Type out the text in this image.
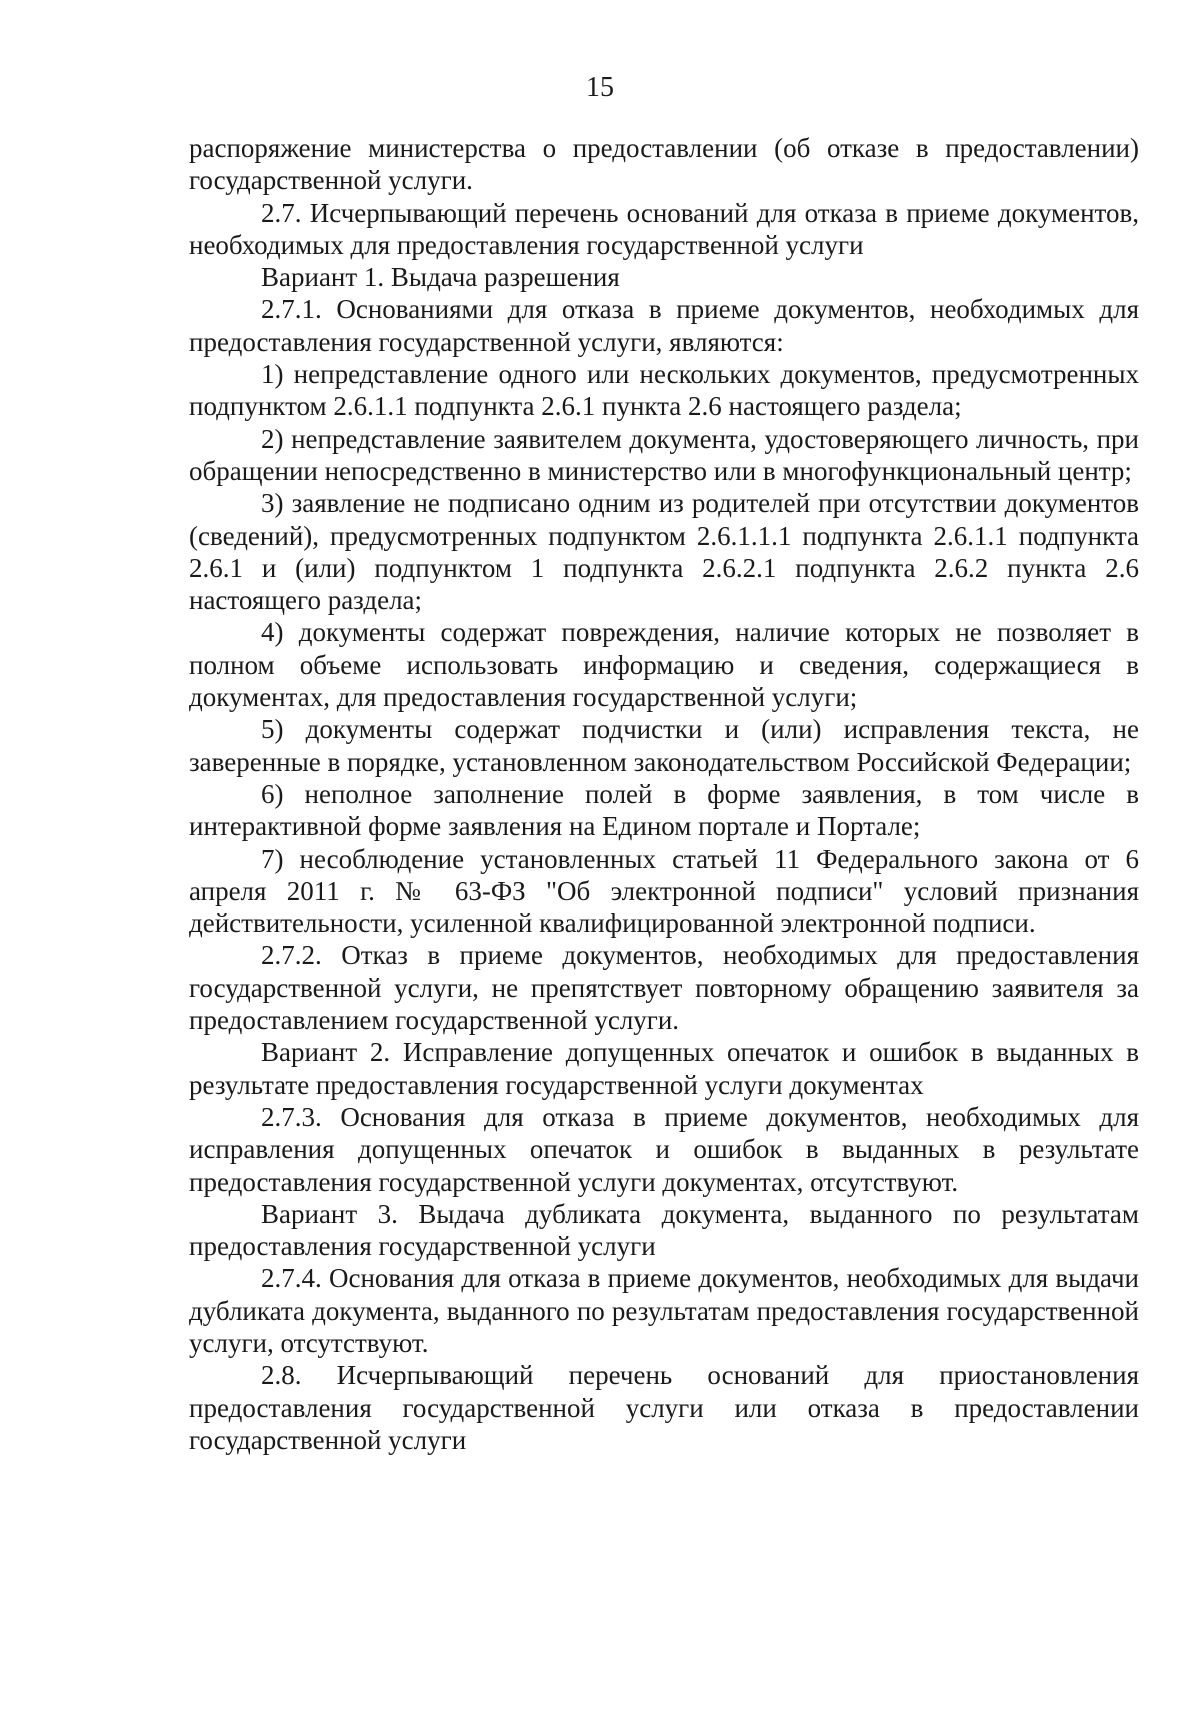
15

распоряжение министерства о предоставлении (об отказе в предоставлении) государственной услуги.

2.7. Исчерпывающий перечень оснований для отказа в приеме документов, необходимых для предоставления государственной услуги

Вариант 1. Выдача разрешения

2.7.1. Основаниями для отказа в приеме документов, необходимых для предоставления государственной услуги, являются:

1) непредставление одного или нескольких документов, предусмотренных подпунктом 2.6.1.1 подпункта 2.6.1 пункта 2.6 настоящего раздела;

2) непредставление заявителем документа, удостоверяющего личность, при обращении непосредственно в министерство или в многофункциональный центр;

3) заявление не подписано одним из родителей при отсутствии документов (сведений), предусмотренных подпунктом 2.6.1.1.1 подпункта 2.6.1.1 подпункта 2.6.1 и (или) подпунктом 1 подпункта 2.6.2.1 подпункта 2.6.2 пункта 2.6 настоящего раздела;

4) документы содержат повреждения, наличие которых не позволяет в полном объеме использовать информацию и сведения, содержащиеся в документах, для предоставления государственной услуги;

5) документы содержат подчистки и (или) исправления текста, не заверенные в порядке, установленном законодательством Российской Федерации;

6) неполное заполнение полей в форме заявления, в том числе в интерактивной форме заявления на Едином портале и Портале;

7) несоблюдение установленных статьей 11 Федерального закона от 6 апреля 2011 г. № 63-ФЗ "Об электронной подписи" условий признания действительности, усиленной квалифицированной электронной подписи.

2.7.2. Отказ в приеме документов, необходимых для предоставления государственной услуги, не препятствует повторному обращению заявителя за предоставлением государственной услуги.

Вариант 2. Исправление допущенных опечаток и ошибок в выданных в результате предоставления государственной услуги документах

2.7.3. Основания для отказа в приеме документов, необходимых для исправления допущенных опечаток и ошибок в выданных в результате предоставления государственной услуги документах, отсутствуют.

Вариант 3. Выдача дубликата документа, выданного по результатам предоставления государственной услуги

2.7.4. Основания для отказа в приеме документов, необходимых для выдачи дубликата документа, выданного по результатам предоставления государственной услуги, отсутствуют.

2.8. Исчерпывающий перечень оснований для приостановления предоставления государственной услуги или отказа в предоставлении государственной услуги
